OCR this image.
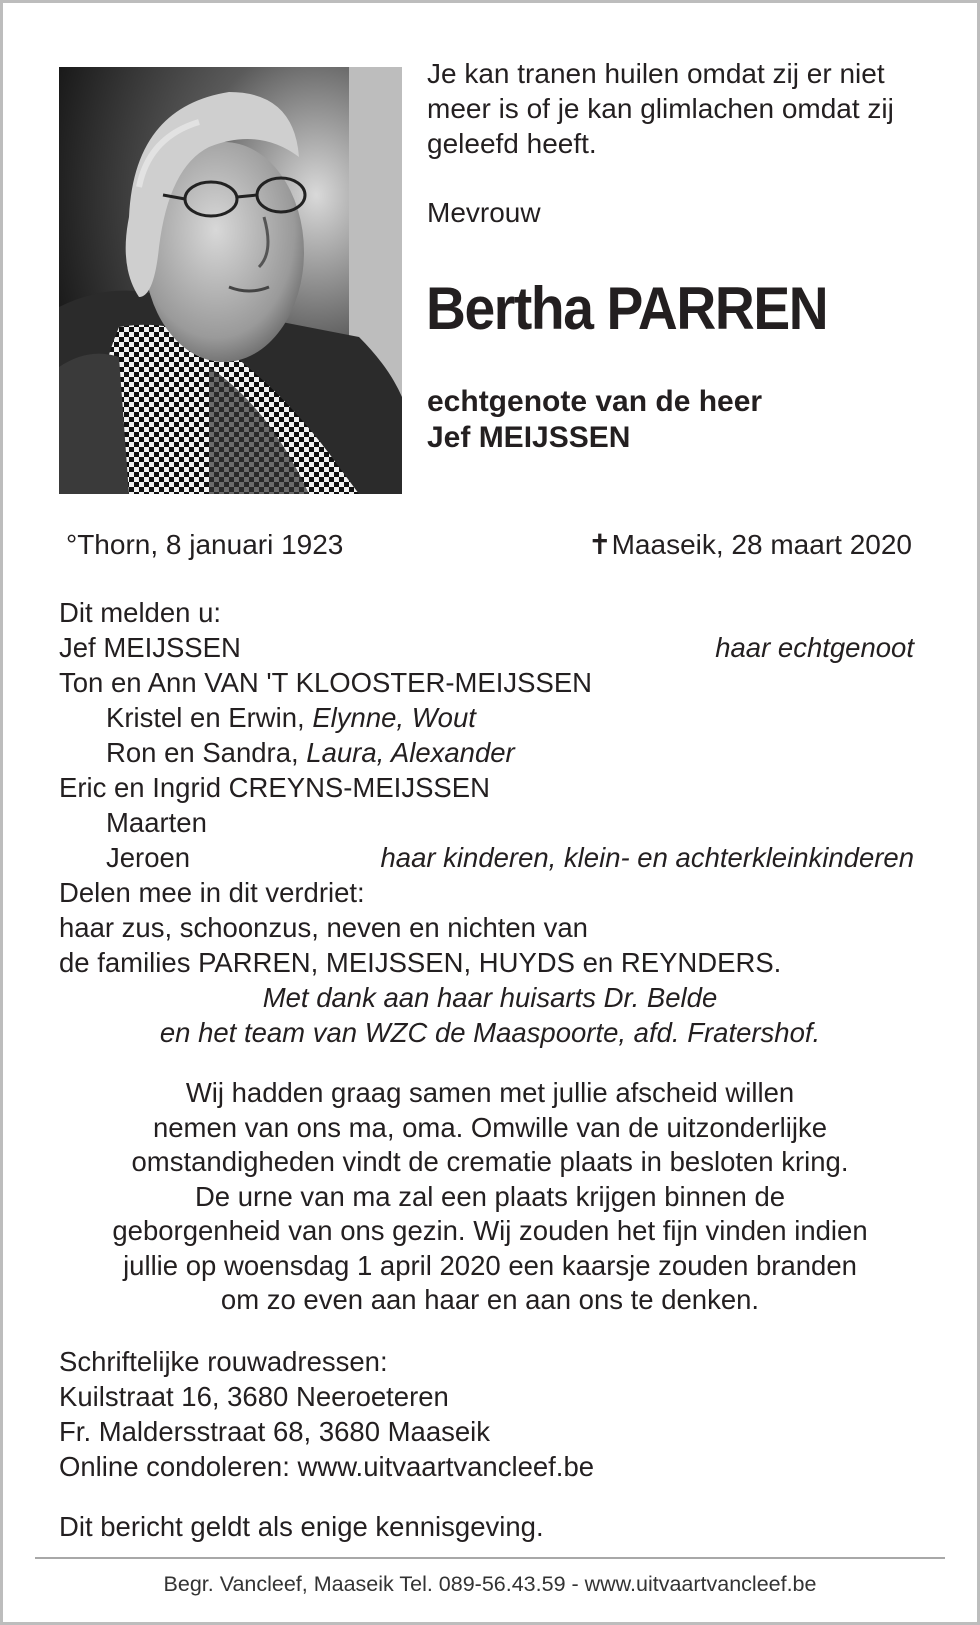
Je kan tranen huilen omdat zij er niet meer is of je kan glimlachen omdat zij geleefd heeft.
Mevrouw
Bertha PARREN
echtgenote van de heer
Jef MEIJSSEN
°Thorn, 8 januari 1923	✝Maaseik, 28 maart 2020
Dit melden u:
Jef MEIJSSEN	haar echtgenoot
Ton en Ann VAN 'T KLOOSTER-MEIJSSEN
Kristel en Erwin, Elynne, Wout
Ron en Sandra, Laura, Alexander
Eric en Ingrid CREYNS-MEIJSSEN
Maarten
Jeroen	haar kinderen, klein- en achterkleinkinderen
Delen mee in dit verdriet:
haar zus, schoonzus, neven en nichten van
de families PARREN, MEIJSSEN, HUYDS en REYNDERS.
Met dank aan haar huisarts Dr. Belde
en het team van WZC de Maaspoorte, afd. Fratershof.
Wij hadden graag samen met jullie afscheid willen
nemen van ons ma, oma. Omwille van de uitzonderlijke
omstandigheden vindt de crematie plaats in besloten kring.
De urne van ma zal een plaats krijgen binnen de
geborgenheid van ons gezin. Wij zouden het fijn vinden indien
jullie op woensdag 1 april 2020 een kaarsje zouden branden
om zo even aan haar en aan ons te denken.
Schriftelijke rouwadressen:
Kuilstraat 16, 3680 Neeroeteren
Fr. Maldersstraat 68, 3680 Maaseik
Online condoleren: www.uitvaartvancleef.be
Dit bericht geldt als enige kennisgeving.
Begr. Vancleef, Maaseik Tel. 089-56.43.59 - www.uitvaartvancleef.be
